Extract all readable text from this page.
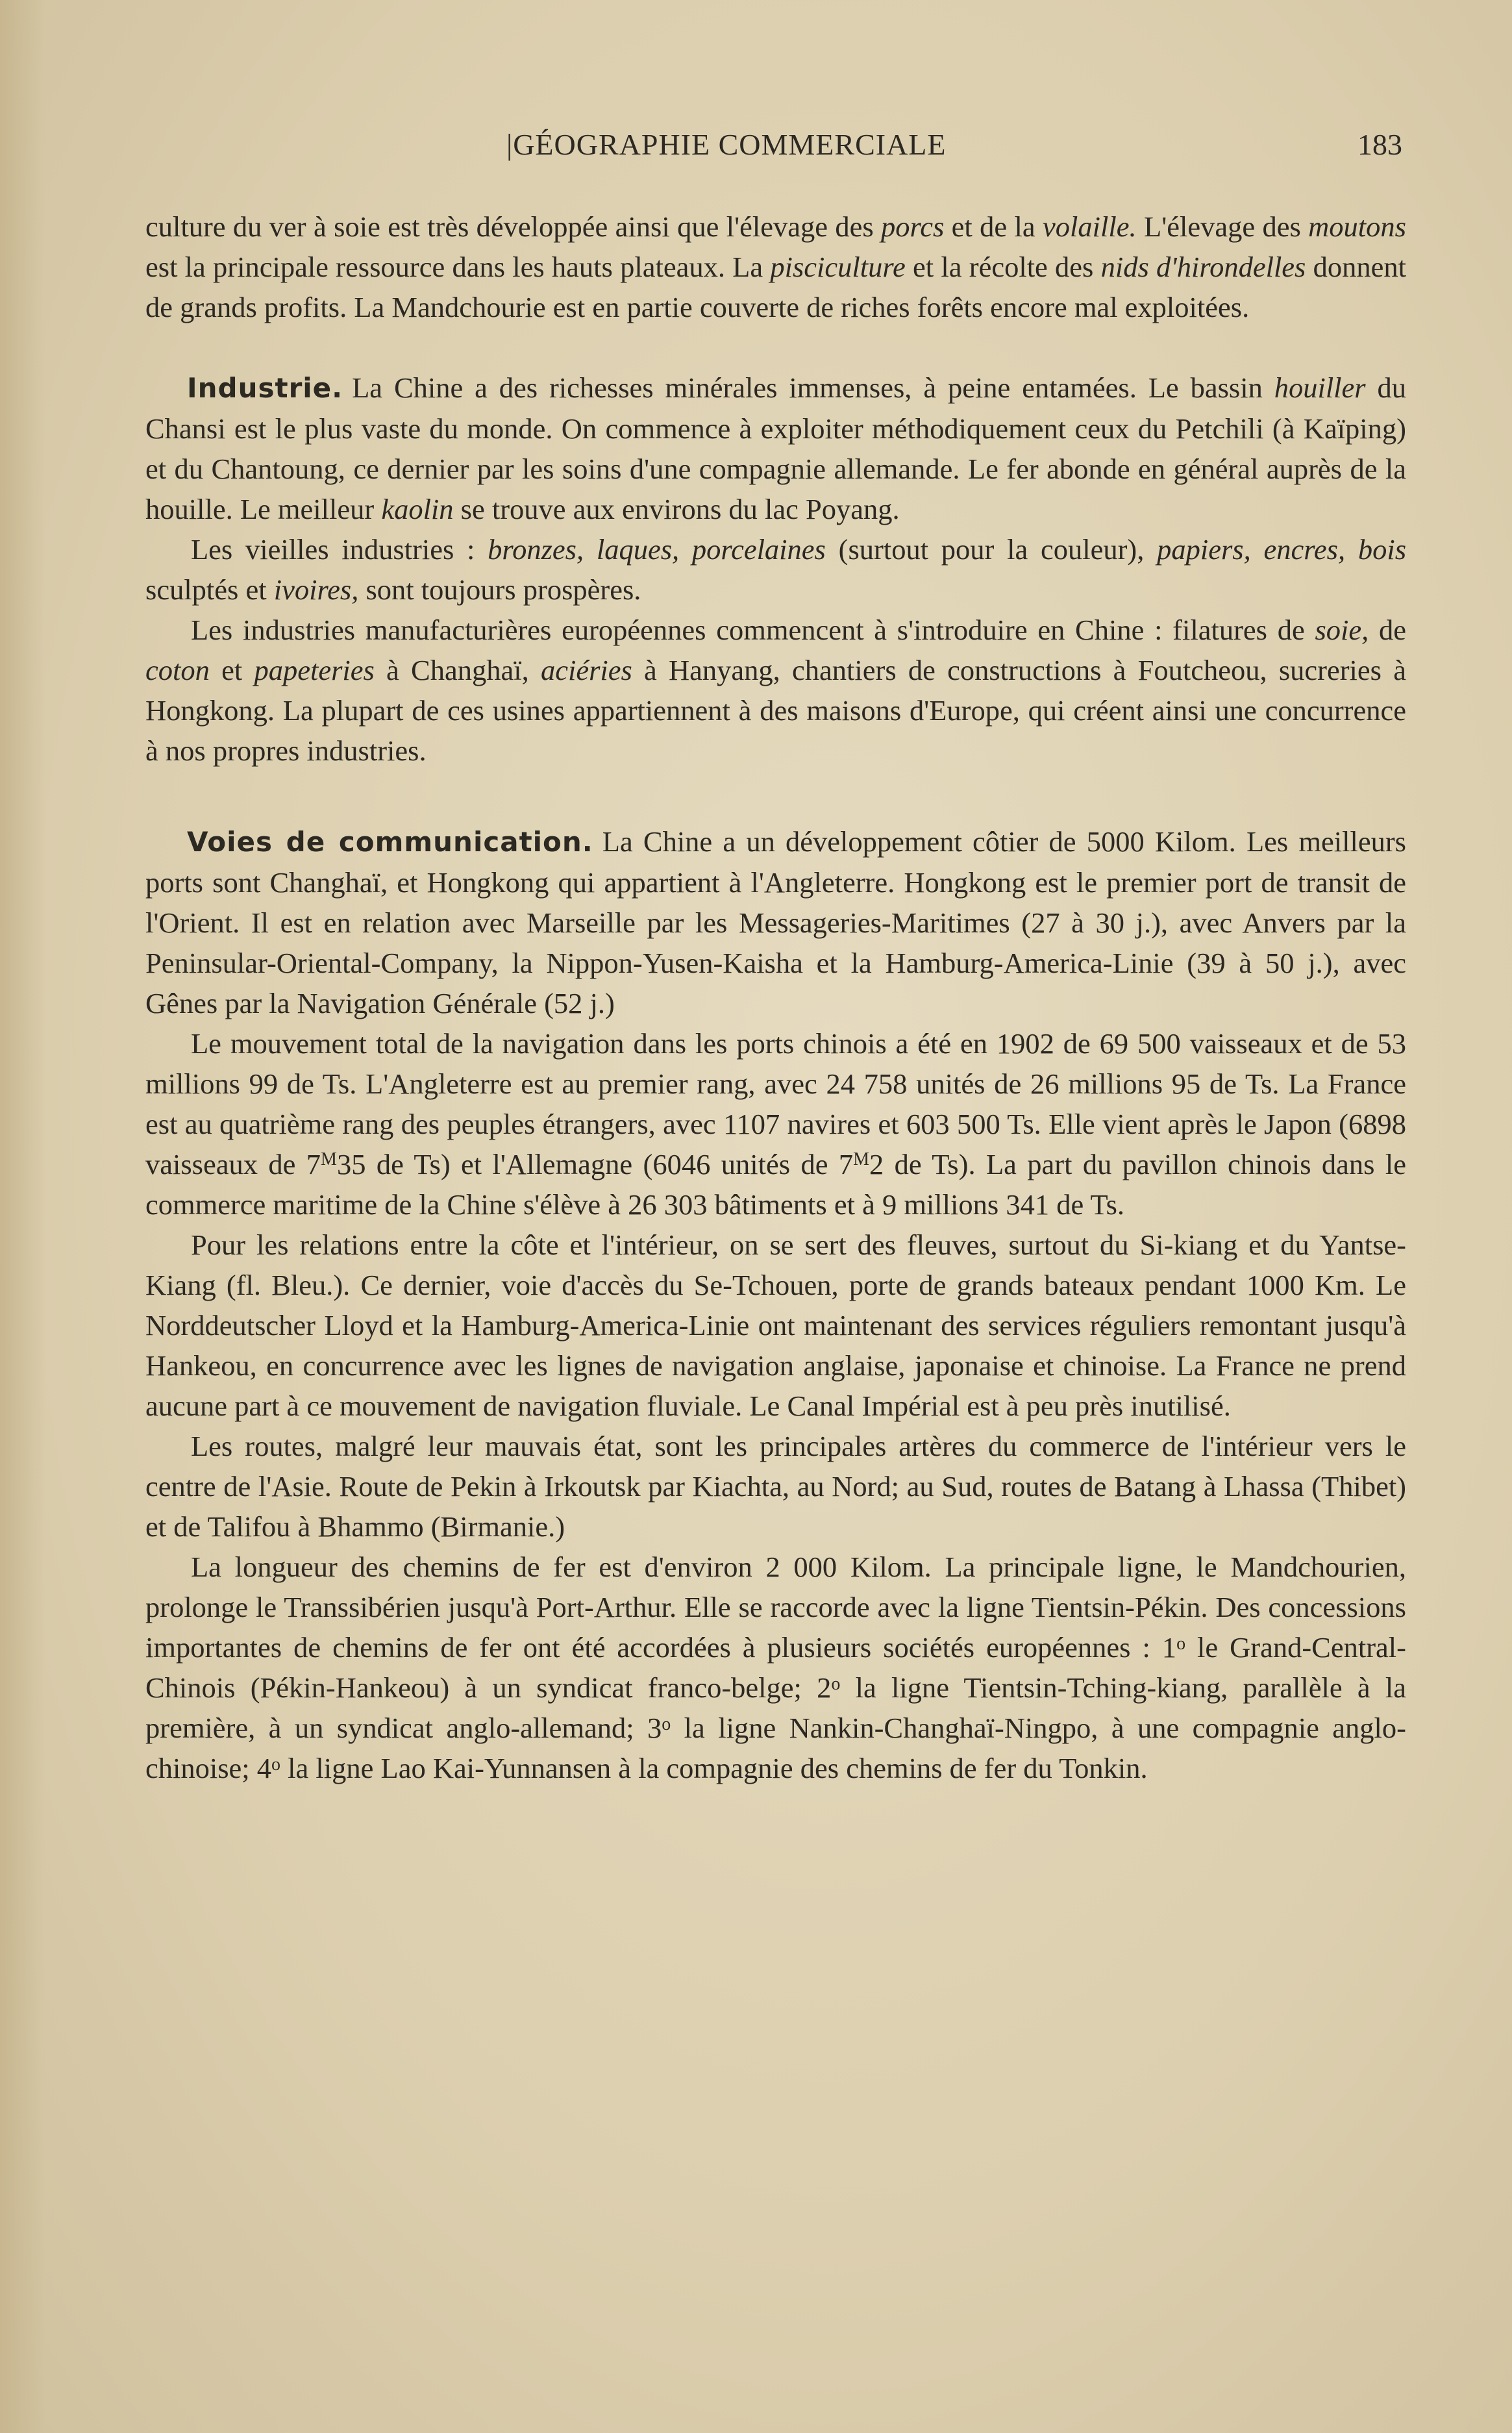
|GÉOGRAPHIE COMMERCIALE	183

culture du ver à soie est très développée ainsi que l'élevage des porcs et de la volaille. L'élevage des moutons est la principale ressource dans les hauts plateaux. La pisciculture et la récolte des nids d'hirondelles donnent de grands profits. La Mandchourie est en partie couverte de riches forêts encore mal exploitées.

Industrie. La Chine a des richesses minérales immenses, à peine entamées. Le bassin houiller du Chansi est le plus vaste du monde. On commence à exploiter méthodiquement ceux du Petchili (à Kaïping) et du Chantoung, ce dernier par les soins d'une compagnie allemande. Le fer abonde en général auprès de la houille. Le meilleur kaolin se trouve aux environs du lac Poyang.

Les vieilles industries : bronzes, laques, porcelaines (surtout pour la couleur), papiers, encres, bois sculptés et ivoires, sont toujours prospères.

Les industries manufacturières européennes commencent à s'introduire en Chine : filatures de soie, de coton et papeteries à Changhaï, aciéries à Hanyang, chantiers de constructions à Foutcheou, sucreries à Hongkong. La plupart de ces usines appartiennent à des maisons d'Europe, qui créent ainsi une concurrence à nos propres industries.

Voies de communication. La Chine a un développement côtier de 5000 Kilom. Les meilleurs ports sont Changhaï, et Hongkong qui appartient à l'Angleterre. Hongkong est le premier port de transit de l'Orient. Il est en relation avec Marseille par les Messageries-Maritimes (27 à 30 j.), avec Anvers par la Peninsular-Oriental-Company, la Nippon-Yusen-Kaisha et la Hamburg-America-Linie (39 à 50 j.), avec Gênes par la Navigation Générale (52 j.)

Le mouvement total de la navigation dans les ports chinois a été en 1902 de 69 500 vaisseaux et de 53 millions 99 de Ts. L'Angleterre est au premier rang, avec 24 758 unités de 26 millions 95 de Ts. La France est au quatrième rang des peuples étrangers, avec 1107 navires et 603 500 Ts. Elle vient après le Japon (6898 vaisseaux de $7^M35$ de Ts) et l'Allemagne (6046 unités de $7^M2$ de Ts). La part du pavillon chinois dans le commerce maritime de la Chine s'élève à 26 303 bâtiments et à 9 millions 341 de Ts.

Pour les relations entre la côte et l'intérieur, on se sert des fleuves, surtout du Si-kiang et du Yantse-Kiang (fl. Bleu.). Ce dernier, voie d'accès du Se-Tchouen, porte de grands bateaux pendant 1000 Km. Le Norddeutscher Lloyd et la Hamburg-America-Linie ont maintenant des services réguliers remontant jusqu'à Hankeou, en concurrence avec les lignes de navigation anglaise, japonaise et chinoise. La France ne prend aucune part à ce mouvement de navigation fluviale. Le Canal Impérial est à peu près inutilisé.

Les routes, malgré leur mauvais état, sont les principales artères du commerce de l'intérieur vers le centre de l'Asie. Route de Pekin à Irkoutsk par Kiachta, au Nord; au Sud, routes de Batang à Lhassa (Thibet) et de Talifou à Bhammo (Birmanie.)

La longueur des chemins de fer est d'environ 2 000 Kilom. La principale ligne, le Mandchourien, prolonge le Transsibérien jusqu'à Port-Arthur. Elle se raccorde avec la ligne Tientsin-Pékin. Des concessions importantes de chemins de fer ont été accordées à plusieurs sociétés européennes : 1$^o$ le Grand-Central-Chinois (Pékin-Hankeou) à un syndicat franco-belge; 2$^o$ la ligne Tientsin-Tching-kiang, parallèle à la première, à un syndicat anglo-allemand; 3$^o$ la ligne Nankin-Changhaï-Ningpo, à une compagnie anglo-chinoise; 4$^o$ la ligne Lao Kai-Yunnansen à la compagnie des chemins de fer du Tonkin.
